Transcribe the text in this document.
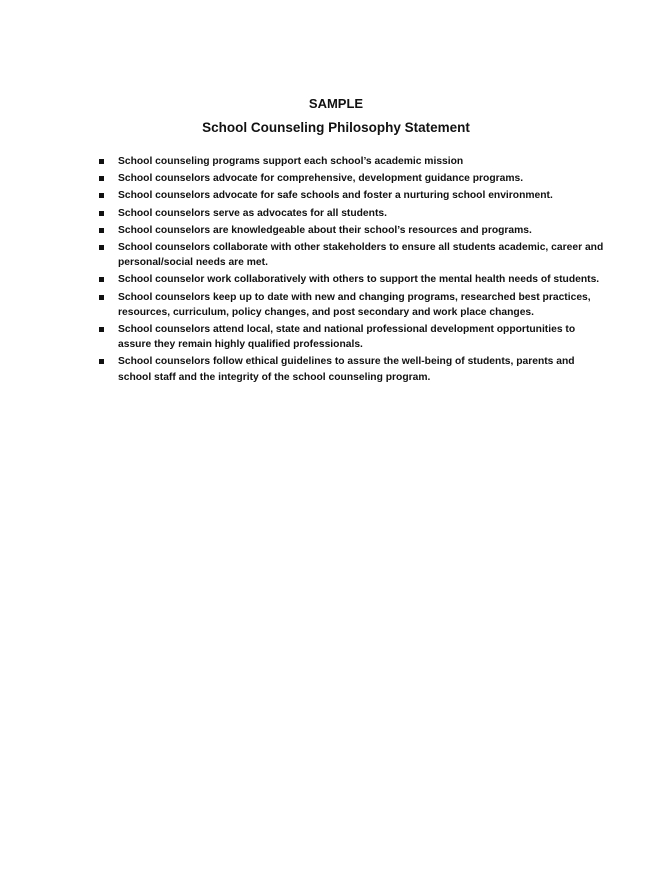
SAMPLE
School Counseling Philosophy Statement
School counseling programs support each school’s academic mission
School counselors advocate for comprehensive, development guidance programs.
School counselors advocate for safe schools and foster a nurturing school environment.
School counselors serve as advocates for all students.
School counselors are knowledgeable about their school’s resources and programs.
School counselors collaborate with other stakeholders to ensure all students academic, career and personal/social needs are met.
School counselor work collaboratively with others to support the mental health needs of students.
School counselors keep up to date with new and changing programs, researched best practices, resources, curriculum, policy changes, and post secondary and work place changes.
School counselors attend local, state and national professional development opportunities to assure they remain highly qualified professionals.
School counselors follow ethical guidelines to assure the well-being of students, parents and school staff and the integrity of the school counseling program.
